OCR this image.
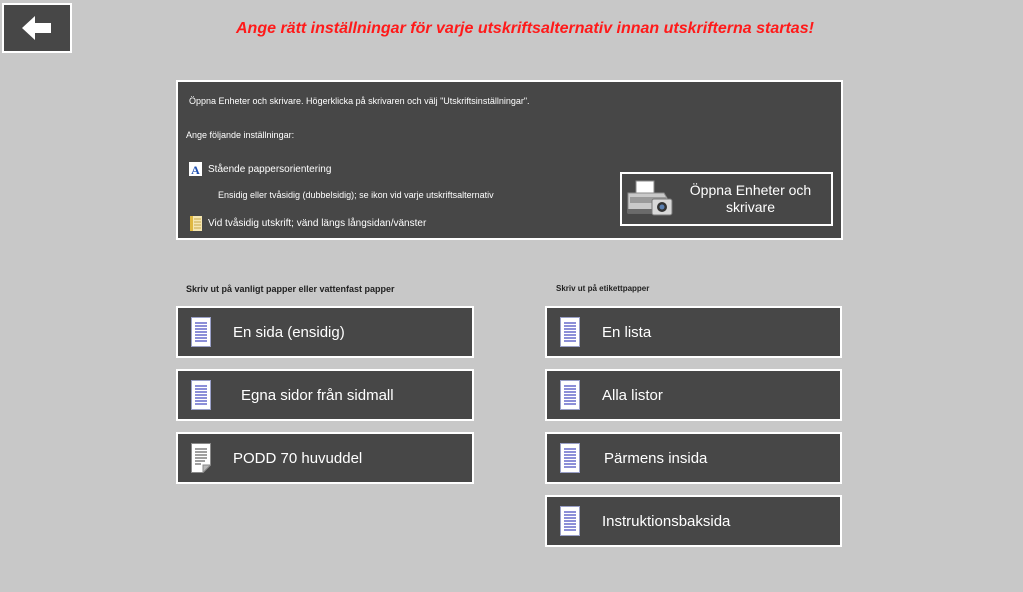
Ange rätt inställningar för varje utskriftsalternativ innan utskrifterna startas!
Öppna Enheter och skrivare. Högerklicka på skrivaren och välj "Utskriftsinställningar".
Ange följande inställningar:
A Stående pappersorientering
Ensidig eller tvåsidig (dubbelsidig); se ikon vid varje utskriftsalternativ
Vid tvåsidig utskrift; vänd längs långsidan/vänster
Öppna Enheter och
skrivare
Skriv ut på vanligt papper eller vattenfast papper
En sida (ensidig)
Egna sidor från sidmall
PODD 70 huvuddel
Skriv ut på etikettpapper
En lista
Alla listor
Pärmens insida
Instruktionsbaksida
